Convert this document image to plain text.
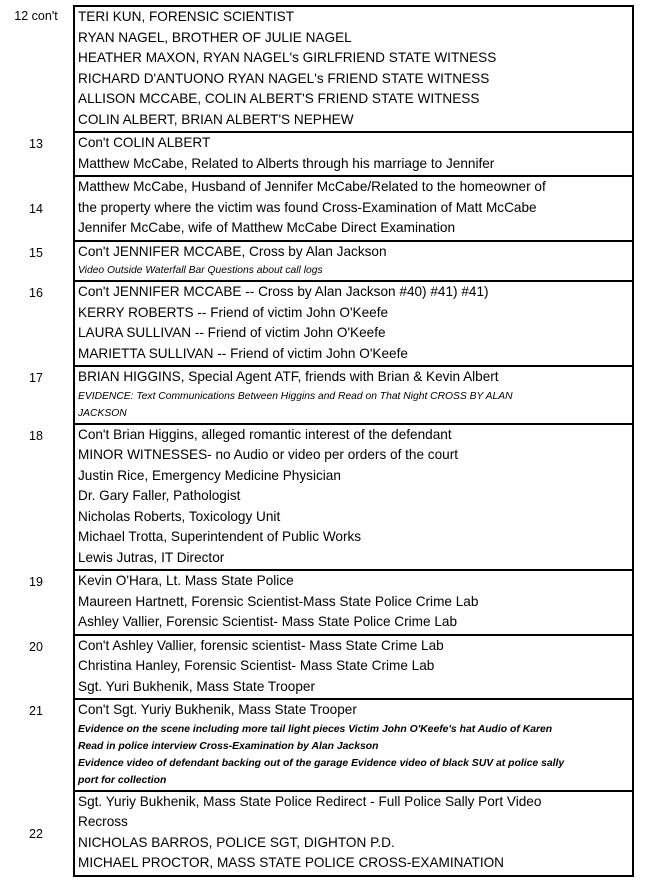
12 con't TERI KUN, FORENSIC SCIENTIST
RYAN NAGEL, BROTHER OF JULIE NAGEL
HEATHER MAXON, RYAN NAGEL's GIRLFRIEND STATE WITNESS
RICHARD D'ANTUONO RYAN NAGEL's FRIEND STATE WITNESS
ALLISON MCCABE, COLIN ALBERT'S FRIEND STATE WITNESS
COLIN ALBERT, BRIAN ALBERT'S NEPHEW
13	Con't COLIN ALBERT
Matthew McCabe, Related to Alberts through his marriage to Jennifer
14
Matthew McCabe, Husband of Jennifer McCabe/Related to the homeowner of
the property where the victim was found Cross-Examination of Matt McCabe
Jennifer McCabe, wife of Matthew McCabe Direct Examination
15	Con't JENNIFER MCCABE, Cross by Alan Jackson
Video Outside Waterfall Bar Questions about call logs
16	Con't JENNIFER MCCABE -- Cross by Alan Jackson #40) #41) #41)
KERRY ROBERTS -- Friend of victim John O'Keefe
LAURA SULLIVAN -- Friend of victim John O'Keefe
MARIETTA SULLIVAN -- Friend of victim John O'Keefe
17	BRIAN HIGGINS, Special Agent ATF, friends with Brian & Kevin Albert
EVIDENCE: Text Communications Between Higgins and Read on That Night CROSS BY ALAN
JACKSON
18	Con't Brian Higgins, alleged romantic interest of the defendant
MINOR WITNESSES- no Audio or video per orders of the court
Justin Rice, Emergency Medicine Physician
Dr. Gary Faller, Pathologist
Nicholas Roberts, Toxicology Unit
Michael Trotta, Superintendent of Public Works
Lewis Jutras, IT Director
19	Kevin O'Hara, Lt. Mass State Police
Maureen Hartnett, Forensic Scientist-Mass State Police Crime Lab
Ashley Vallier, Forensic Scientist- Mass State Police Crime Lab
20	Con't Ashley Vallier, forensic scientist- Mass State Crime Lab
Christina Hanley, Forensic Scientist- Mass State Crime Lab
Sgt. Yuri Bukhenik, Mass State Trooper
21	Con't Sgt. Yuriy Bukhenik, Mass State Trooper
Evidence on the scene including more tail light pieces Victim John O'Keefe's hat Audio of Karen
Read in police interview Cross-Examination by Alan Jackson
Evidence video of defendant backing out of the garage Evidence video of black SUV at police sally
port for collection
22
Sgt. Yuriy Bukhenik, Mass State Police Redirect - Full Police Sally Port Video
Recross
NICHOLAS BARROS, POLICE SGT, DIGHTON P.D.
MICHAEL PROCTOR, MASS STATE POLICE CROSS-EXAMINATION
